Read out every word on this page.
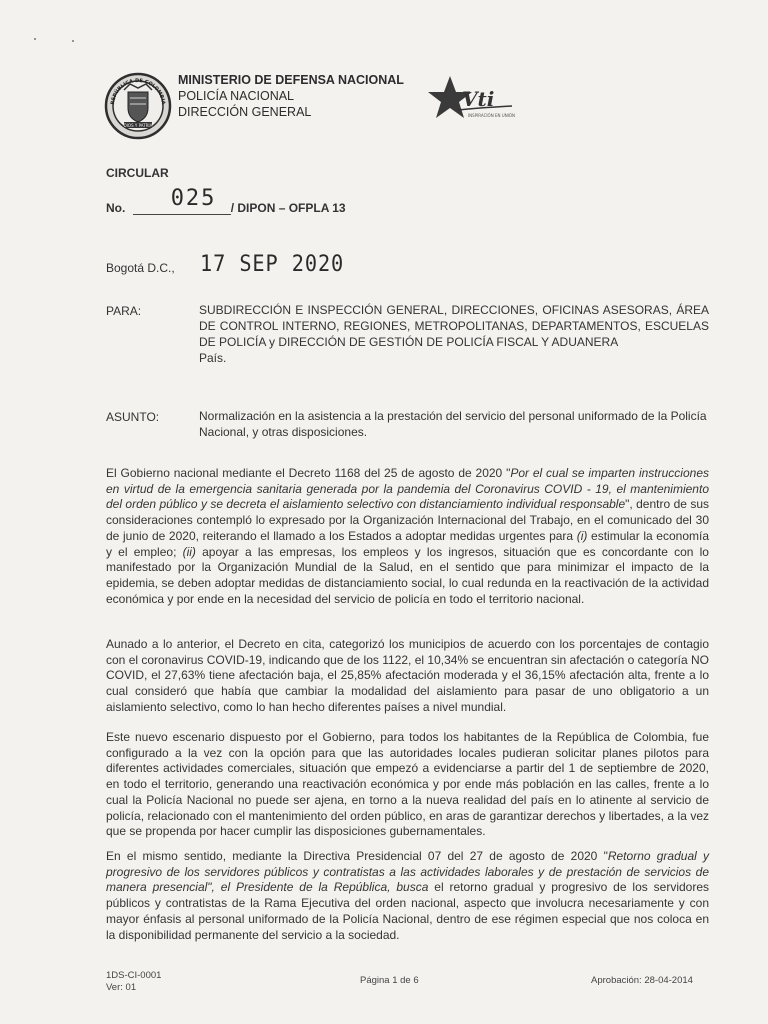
REPÚBLICA DE COLOMBIA
DIOS Y PATRIA
MINISTERIO DE DEFENSA NACIONAL
POLICÍA NACIONAL
DIRECCIÓN GENERAL
Vti
INSPIRACIÓN EN UNIÓN
CIRCULAR
No. 025 / DIPON – OFPLA 13
Bogotá D.C., 17 SEP 2020
PARA:	SUBDIRECCIÓN E INSPECCIÓN GENERAL, DIRECCIONES, OFICINAS ASESORAS, ÁREA DE CONTROL INTERNO, REGIONES, METROPOLITANAS, DEPARTAMENTOS, ESCUELAS DE POLICÍA y DIRECCIÓN DE GESTIÓN DE POLICÍA FISCAL Y ADUANERA
País.
ASUNTO:	Normalización en la asistencia a la prestación del servicio del personal uniformado de la Policía Nacional, y otras disposiciones.

El Gobierno nacional mediante el Decreto 1168 del 25 de agosto de 2020 "Por el cual se imparten instrucciones en virtud de la emergencia sanitaria generada por la pandemia del Coronavirus COVID - 19, el mantenimiento del orden público y se decreta el aislamiento selectivo con distanciamiento individual responsable", dentro de sus consideraciones contempló lo expresado por la Organización Internacional del Trabajo, en el comunicado del 30 de junio de 2020, reiterando el llamado a los Estados a adoptar medidas urgentes para (i) estimular la economía y el empleo; (ii) apoyar a las empresas, los empleos y los ingresos, situación que es concordante con lo manifestado por la Organización Mundial de la Salud, en el sentido que para minimizar el impacto de la epidemia, se deben adoptar medidas de distanciamiento social, lo cual redunda en la reactivación de la actividad económica y por ende en la necesidad del servicio de policía en todo el territorio nacional.

Aunado a lo anterior, el Decreto en cita, categorizó los municipios de acuerdo con los porcentajes de contagio con el coronavirus COVID-19, indicando que de los 1122, el 10,34% se encuentran sin afectación o categoría NO COVID, el 27,63% tiene afectación baja, el 25,85% afectación moderada y el 36,15% afectación alta, frente a lo cual consideró que había que cambiar la modalidad del aislamiento para pasar de uno obligatorio a un aislamiento selectivo, como lo han hecho diferentes países a nivel mundial.

Este nuevo escenario dispuesto por el Gobierno, para todos los habitantes de la República de Colombia, fue configurado a la vez con la opción para que las autoridades locales pudieran solicitar planes pilotos para diferentes actividades comerciales, situación que empezó a evidenciarse a partir del 1 de septiembre de 2020, en todo el territorio, generando una reactivación económica y por ende más población en las calles, frente a lo cual la Policía Nacional no puede ser ajena, en torno a la nueva realidad del país en lo atinente al servicio de policía, relacionado con el mantenimiento del orden público, en aras de garantizar derechos y libertades, a la vez que se propenda por hacer cumplir las disposiciones gubernamentales.

En el mismo sentido, mediante la Directiva Presidencial 07 del 27 de agosto de 2020 "Retorno gradual y progresivo de los servidores públicos y contratistas a las actividades laborales y de prestación de servicios de manera presencial", el Presidente de la República, busca el retorno gradual y progresivo de los servidores públicos y contratistas de la Rama Ejecutiva del orden nacional, aspecto que involucra necesariamente y con mayor énfasis al personal uniformado de la Policía Nacional, dentro de ese régimen especial que nos coloca en la disponibilidad permanente del servicio a la sociedad.

1DS-CI-0001
Ver: 01
Página 1 de 6	Aprobación: 28-04-2014
